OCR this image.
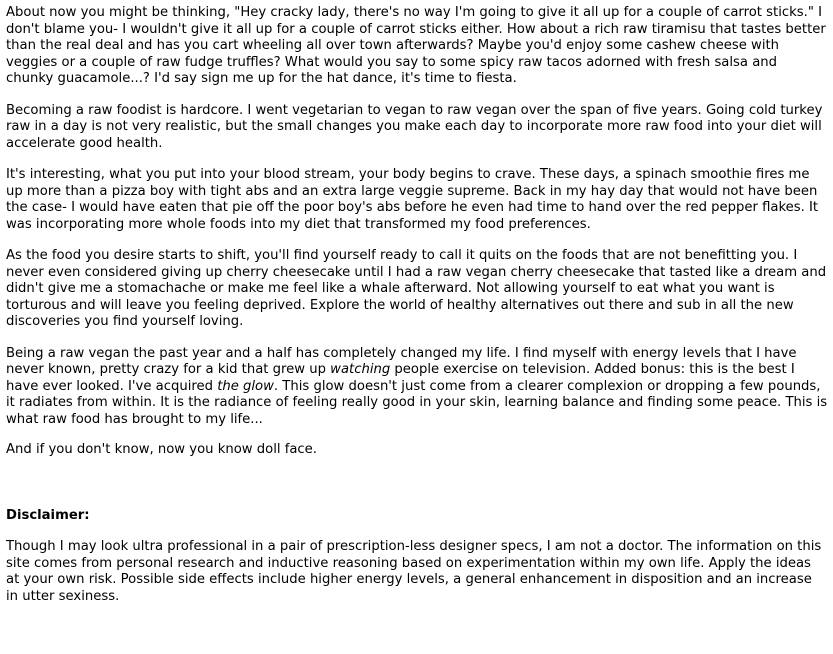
About now you might be thinking, "Hey cracky lady, there's no way I'm going to give it all up for a couple of carrot sticks." I don't blame you- I wouldn't give it all up for a couple of carrot sticks either. How about a rich raw tiramisu that tastes better than the real deal and has you cart wheeling all over town afterwards? Maybe you'd enjoy some cashew cheese with veggies or a couple of raw fudge truffles? What would you say to some spicy raw tacos adorned with fresh salsa and chunky guacamole...? I'd say sign me up for the hat dance, it's time to fiesta.

Becoming a raw foodist is hardcore. I went vegetarian to vegan to raw vegan over the span of five years. Going cold turkey raw in a day is not very realistic, but the small changes you make each day to incorporate more raw food into your diet will accelerate good health.

It's interesting, what you put into your blood stream, your body begins to crave. These days, a spinach smoothie fires me up more than a pizza boy with tight abs and an extra large veggie supreme. Back in my hay day that would not have been the case- I would have eaten that pie off the poor boy's abs before he even had time to hand over the red pepper flakes. It was incorporating more whole foods into my diet that transformed my food preferences.

As the food you desire starts to shift, you'll find yourself ready to call it quits on the foods that are not benefitting you. I never even considered giving up cherry cheesecake until I had a raw vegan cherry cheesecake that tasted like a dream and didn't give me a stomachache or make me feel like a whale afterward. Not allowing yourself to eat what you want is torturous and will leave you feeling deprived. Explore the world of healthy alternatives out there and sub in all the new discoveries you find yourself loving.

Being a raw vegan the past year and a half has completely changed my life. I find myself with energy levels that I have never known, pretty crazy for a kid that grew up watching people exercise on television. Added bonus: this is the best I have ever looked. I've acquired the glow. This glow doesn't just come from a clearer complexion or dropping a few pounds, it radiates from within. It is the radiance of feeling really good in your skin, learning balance and finding some peace. This is what raw food has brought to my life...

And if you don't know, now you know doll face.

Disclaimer:

Though I may look ultra professional in a pair of prescription-less designer specs, I am not a doctor. The information on this site comes from personal research and inductive reasoning based on experimentation within my own life. Apply the ideas at your own risk. Possible side effects include higher energy levels, a general enhancement in disposition and an increase in utter sexiness.
